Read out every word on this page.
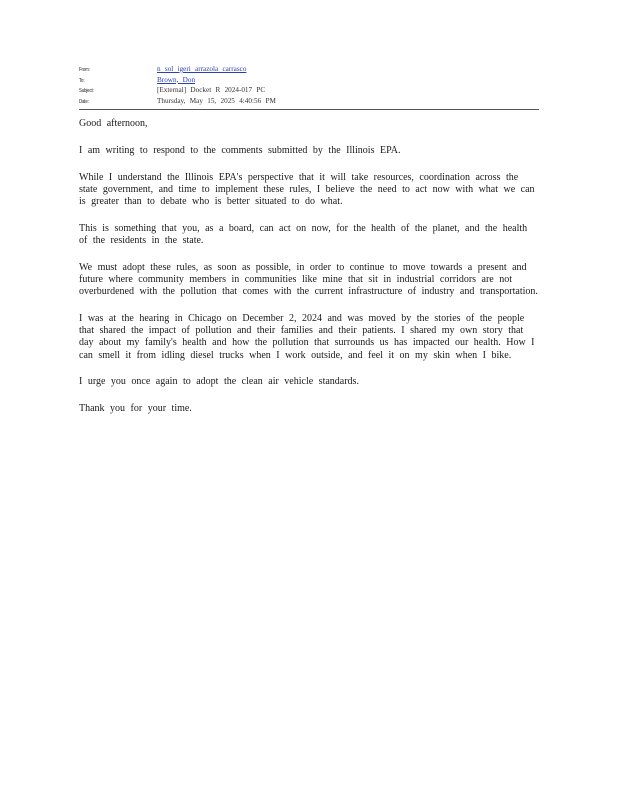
From:	n sol igeri arrazola carrasco
To:	Brown, Don
Subject:	[External] Docket R 2024-017 PC
Date:	Thursday, May 15, 2025 4:40:56 PM

Good afternoon,

I am writing to respond to the comments submitted by the Illinois EPA.

While I understand the Illinois EPA's perspective that it will take resources, coordination across the state government, and time to implement these rules, I believe the need to act now with what we can is greater than to debate who is better situated to do what.

This is something that you, as a board, can act on now, for the health of the planet, and the health of the residents in the state.

We must adopt these rules, as soon as possible, in order to continue to move towards a present and future where community members in communities like mine that sit in industrial corridors are not overburdened with the pollution that comes with the current infrastructure of industry and transportation.

I was at the hearing in Chicago on December 2, 2024 and was moved by the stories of the people that shared the impact of pollution and their families and their patients. I shared my own story that day about my family's health and how the pollution that surrounds us has impacted our health. How I can smell it from idling diesel trucks when I work outside, and feel it on my skin when I bike.

I urge you once again to adopt the clean air vehicle standards.

Thank you for your time.
